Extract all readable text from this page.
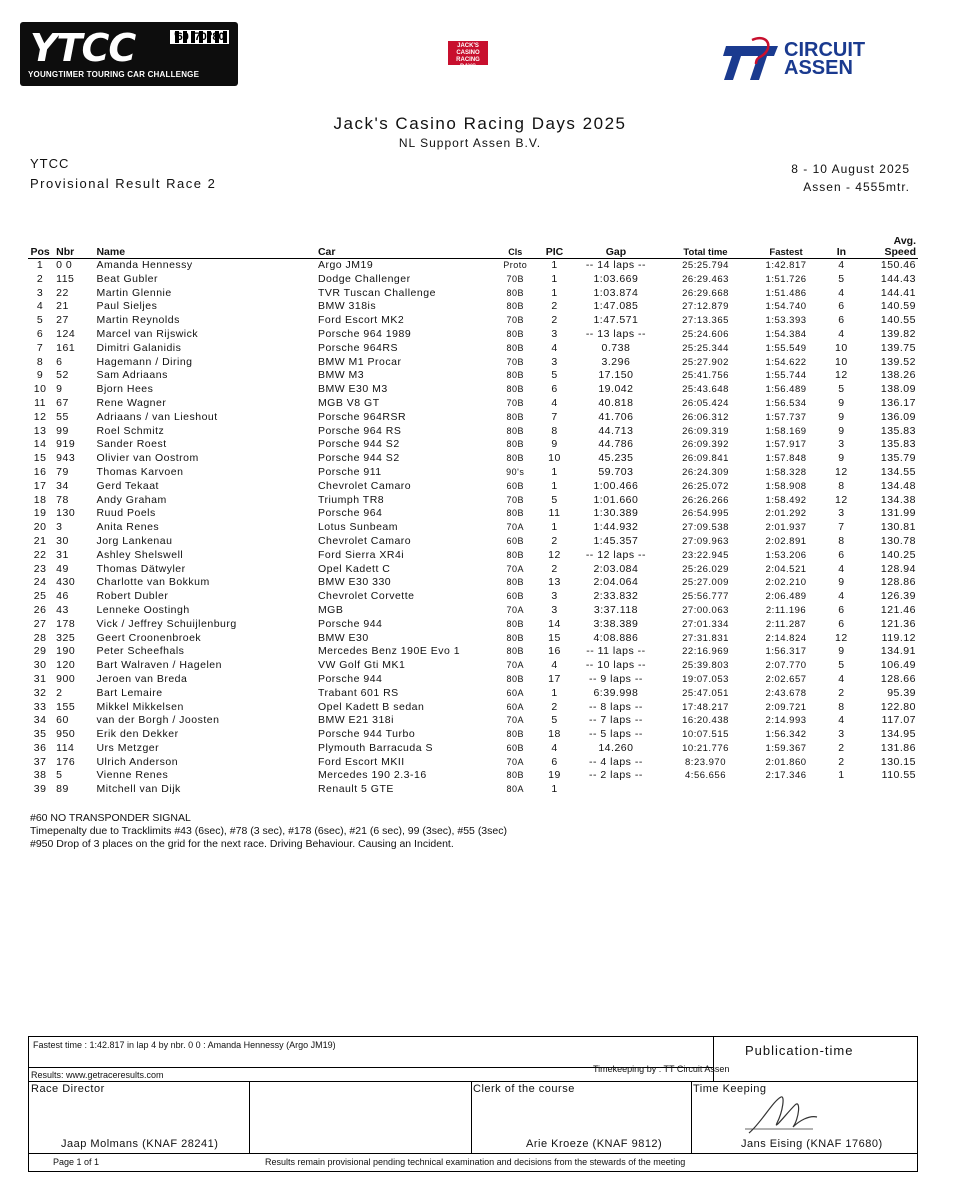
YTCC	'60 '70 '80
YOUNGTIMER TOURING CAR CHALLENGE
JACK'S CASINO RACING DAYS
CIRCUIT
ASSEN
Jack's Casino Racing Days 2025
NL Support Assen B.V.
YTCC
Provisional Result Race 2
8 - 10 August 2025
Assen - 4555mtr.
Pos	Nbr	Name	Car	Cls	PIC	Gap	Total time	Fastest	In	Avg.
Speed
1	0 0	Amanda Hennessy	Argo JM19	Proto	1	-- 14 laps --	25:25.794	1:42.817	4	150.46
2	115	Beat Gubler	Dodge Challenger	70B	1	1:03.669	26:29.463	1:51.726	5	144.43
3	22	Martin Glennie	TVR Tuscan Challenge	80B	1	1:03.874	26:29.668	1:51.486	4	144.41
4	21	Paul Sieljes	BMW 318is	80B	2	1:47.085	27:12.879	1:54.740	6	140.59
5	27	Martin Reynolds	Ford Escort MK2	70B	2	1:47.571	27:13.365	1:53.393	6	140.55
6	124	Marcel van Rijswick	Porsche 964 1989	80B	3	-- 13 laps --	25:24.606	1:54.384	4	139.82
7	161	Dimitri Galanidis	Porsche 964RS	80B	4	0.738	25:25.344	1:55.549	10	139.75
8	6	Hagemann / Diring	BMW M1 Procar	70B	3	3.296	25:27.902	1:54.622	10	139.52
9	52	Sam Adriaans	BMW M3	80B	5	17.150	25:41.756	1:55.744	12	138.26
10	9	Bjorn Hees	BMW E30 M3	80B	6	19.042	25:43.648	1:56.489	5	138.09
11	67	Rene Wagner	MGB V8 GT	70B	4	40.818	26:05.424	1:56.534	9	136.17
12	55	Adriaans / van Lieshout	Porsche 964RSR	80B	7	41.706	26:06.312	1:57.737	9	136.09
13	99	Roel Schmitz	Porsche 964 RS	80B	8	44.713	26:09.319	1:58.169	9	135.83
14	919	Sander Roest	Porsche 944 S2	80B	9	44.786	26:09.392	1:57.917	3	135.83
15	943	Olivier van Oostrom	Porsche 944 S2	80B	10	45.235	26:09.841	1:57.848	9	135.79
16	79	Thomas Karvoen	Porsche 911	90's	1	59.703	26:24.309	1:58.328	12	134.55
17	34	Gerd Tekaat	Chevrolet Camaro	60B	1	1:00.466	26:25.072	1:58.908	8	134.48
18	78	Andy Graham	Triumph TR8	70B	5	1:01.660	26:26.266	1:58.492	12	134.38
19	130	Ruud Poels	Porsche 964	80B	11	1:30.389	26:54.995	2:01.292	3	131.99
20	3	Anita Renes	Lotus Sunbeam	70A	1	1:44.932	27:09.538	2:01.937	7	130.81
21	30	Jorg Lankenau	Chevrolet Camaro	60B	2	1:45.357	27:09.963	2:02.891	8	130.78
22	31	Ashley Shelswell	Ford Sierra XR4i	80B	12	-- 12 laps --	23:22.945	1:53.206	6	140.25
23	49	Thomas Dätwyler	Opel Kadett C	70A	2	2:03.084	25:26.029	2:04.521	4	128.94
24	430	Charlotte van Bokkum	BMW E30 330	80B	13	2:04.064	25:27.009	2:02.210	9	128.86
25	46	Robert Dubler	Chevrolet Corvette	60B	3	2:33.832	25:56.777	2:06.489	4	126.39
26	43	Lenneke Oostingh	MGB	70A	3	3:37.118	27:00.063	2:11.196	6	121.46
27	178	Vick / Jeffrey Schuijlenburg	Porsche 944	80B	14	3:38.389	27:01.334	2:11.287	6	121.36
28	325	Geert Croonenbroek	BMW E30	80B	15	4:08.886	27:31.831	2:14.824	12	119.12
29	190	Peter Scheefhals	Mercedes Benz 190E Evo 1	80B	16	-- 11 laps --	22:16.969	1:56.317	9	134.91
30	120	Bart Walraven / Hagelen	VW Golf Gti MK1	70A	4	-- 10 laps --	25:39.803	2:07.770	5	106.49
31	900	Jeroen van Breda	Porsche 944	80B	17	-- 9 laps --	19:07.053	2:02.657	4	128.66
32	2	Bart Lemaire	Trabant 601 RS	60A	1	6:39.998	25:47.051	2:43.678	2	95.39
33	155	Mikkel Mikkelsen	Opel Kadett B sedan	60A	2	-- 8 laps --	17:48.217	2:09.721	8	122.80
34	60	van der Borgh / Joosten	BMW E21 318i	70A	5	-- 7 laps --	16:20.438	2:14.993	4	117.07
35	950	Erik den Dekker	Porsche 944 Turbo	80B	18	-- 5 laps --	10:07.515	1:56.342	3	134.95
36	114	Urs Metzger	Plymouth Barracuda S	60B	4	14.260	10:21.776	1:59.367	2	131.86
37	176	Ulrich Anderson	Ford Escort MKII	70A	6	-- 4 laps --	8:23.970	2:01.860	2	130.15
38	5	Vienne Renes	Mercedes 190 2.3-16	80B	19	-- 2 laps --	4:56.656	2:17.346	1	110.55
39	89	Mitchell van Dijk	Renault 5 GTE	80A	1					
#60 NO TRANSPONDER SIGNAL
Timepenalty due to Tracklimits #43 (6sec), #78 (3 sec), #178 (6sec), #21 (6 sec), 99 (3sec), #55 (3sec)
#950 Drop of 3 places on the grid for the next race. Driving Behaviour. Causing an Incident.
Fastest time : 1:42.817 in lap 4 by nbr. 0 0 : Amanda Hennessy (Argo JM19)	Publication-time
Results: www.getraceresults.com
Timekeeping by : TT Circuit Assen
Race Director	Clerk of the course	Time Keeping
Jaap Molmans (KNAF 28241)	Arie Kroeze (KNAF 9812)	Jans Eising (KNAF 17680)
Page 1 of 1	Results remain provisional pending technical examination and decisions from the stewards of the meeting
